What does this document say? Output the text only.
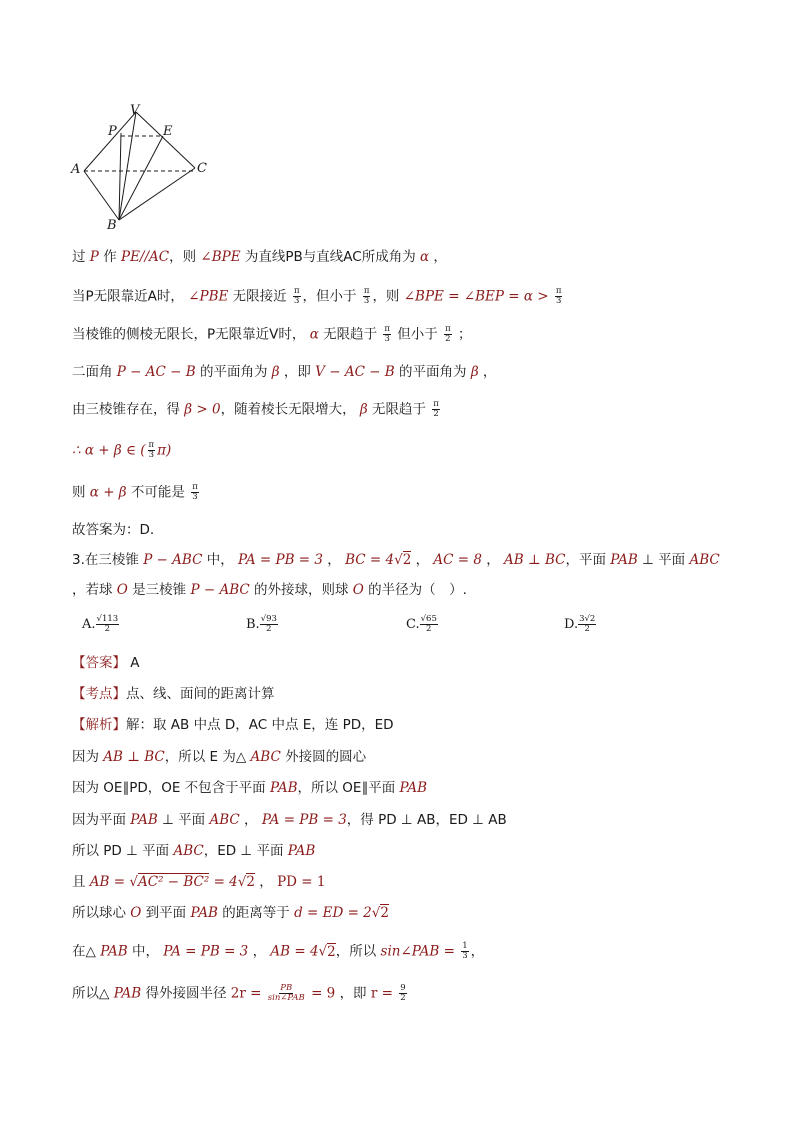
V
P	E
A	C
B
过 P 作 PE//AC，则 ∠BPE 为直线PB与直线AC所成角为 α ，
当P无限靠近A时， ∠PBE 无限接近 $\frac{\pi}{3}$ ，但小于 $\frac{\pi}{3}$ ，则 ∠BPE = ∠BEP = $\alpha > \frac{\pi}{3}$
当棱锥的侧棱无限长，P无限靠近V时， α 无限趋于 $\frac{\pi}{3}$ 但小于 $\frac{\pi}{2}$ ；
二面角 P − AC − B 的平面角为 β ，即 V − AC − B 的平面角为 β ，
由三棱锥存在，得 β > 0，随着棱长无限增大， β 无限趋于 $\frac{\pi}{2}$
∴ α + β ∈ ( $\frac{\pi}{3} \pi$)
则 α + β 不可能是 $\frac{\pi}{3}$
故答案为：D.
3.在三棱锥 P − ABC 中， PA = PB = 3 ， BC = 4√2 ， AC = 8 ， AB ⊥ BC，平面 PAB ⊥ 平面 ABC
，若球 O 是三棱锥 P − ABC 的外接球，则球 O 的半径为（　）.
A. $\frac{√113}{2}$	B. $\frac{√93}{2}$	C. $\frac{√65}{2}$	D. $\frac{3√2}{2}$
【答案】 A
【考点】点、线、面间的距离计算
【解析】解：取 AB 中点 D，AC 中点 E，连 PD，ED
因为 AB ⊥ BC，所以 E 为△ ABC 外接圆的圆心
因为 OE∥PD，OE 不包含于平面 PAB，所以 OE∥平面 PAB
因为平面 PAB ⊥ 平面 ABC ， PA = PB = 3，得 PD ⊥ AB，ED ⊥ AB
所以 PD ⊥ 平面 ABC，ED ⊥ 平面 PAB
且 AB = √AC² − BC² = 4√2 ， PD = 1
所以球心 O 到平面 PAB 的距离等于 d = ED = 2√2
在△ PAB 中， PA = PB = 3 ， AB = 4√2，所以 sin∠PAB = $\frac{1}{3}$ ，
所以△ PAB 得外接圆半径 $2r = \frac{PB}{\text{sin∠PAB}} = 9$ ，即 $r = \frac{9}{2}$
